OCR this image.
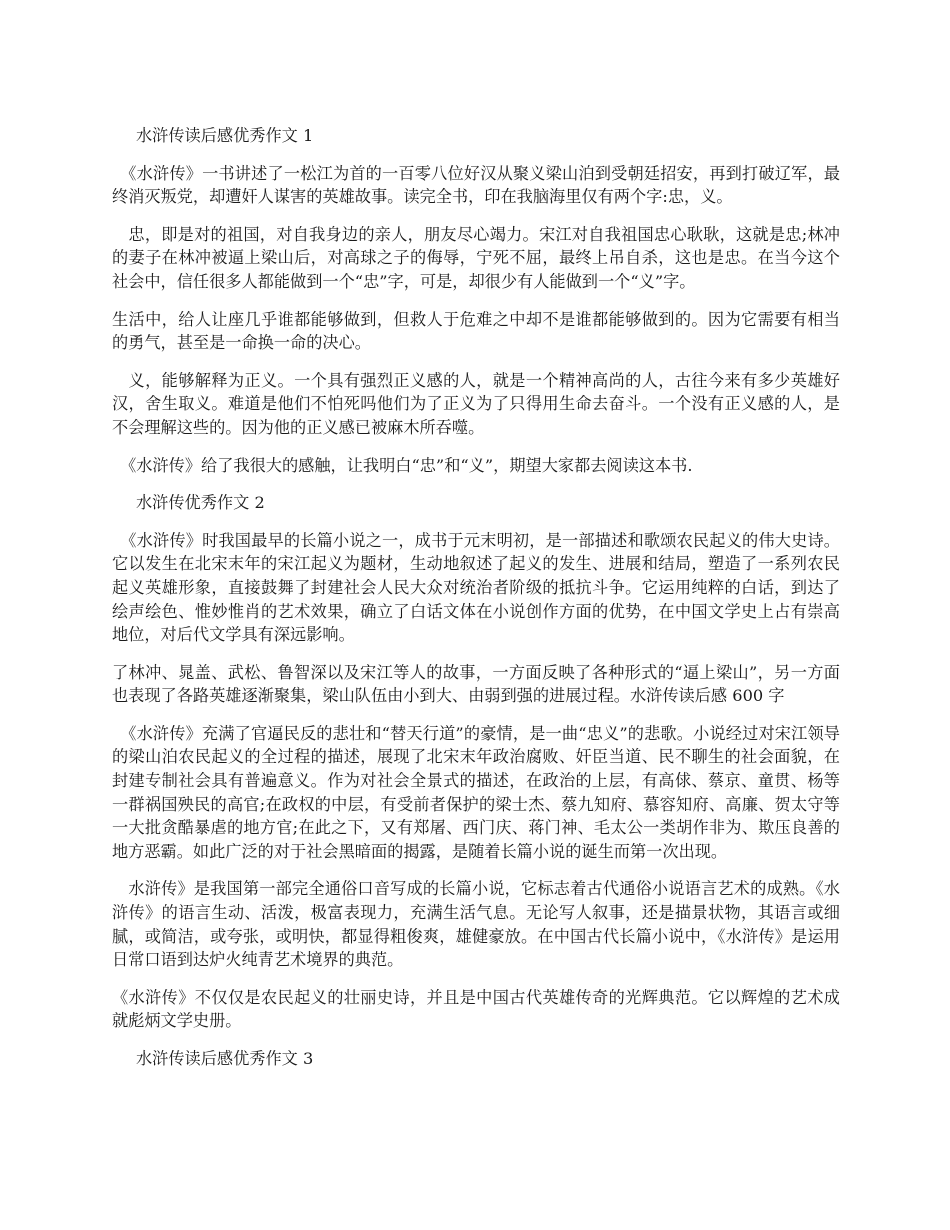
水浒传读后感优秀作文 1

　《水浒传》一书讲述了一松江为首的一百零八位好汉从聚义梁山泊到受朝廷招安，再到打破辽军，最终消灭叛党，却遭奸人谋害的英雄故事。读完全书，印在我脑海里仅有两个字:忠，义。

　忠，即是对的祖国，对自我身边的亲人，朋友尽心竭力。宋江对自我祖国忠心耿耿，这就是忠;林冲的妻子在林冲被逼上梁山后，对高球之子的侮辱，宁死不屈，最终上吊自杀，这也是忠。在当今这个社会中，信任很多人都能做到一个“忠”字，可是，却很少有人能做到一个“义”字。

生活中，给人让座几乎谁都能够做到，但救人于危难之中却不是谁都能够做到的。因为它需要有相当的勇气，甚至是一命换一命的决心。

　义，能够解释为正义。一个具有强烈正义感的人，就是一个精神高尚的人，古往今来有多少英雄好汉，舍生取义。难道是他们不怕死吗他们为了正义为了只得用生命去奋斗。一个没有正义感的人，是不会理解这些的。因为他的正义感已被麻木所吞噬。

　《水浒传》给了我很大的感触，让我明白“忠”和“义”，期望大家都去阅读这本书.

水浒传优秀作文 2

　《水浒传》时我国最早的长篇小说之一，成书于元末明初，是一部描述和歌颂农民起义的伟大史诗。它以发生在北宋末年的宋江起义为题材，生动地叙述了起义的发生、进展和结局，塑造了一系列农民起义英雄形象，直接鼓舞了封建社会人民大众对统治者阶级的抵抗斗争。它运用纯粹的白话，到达了绘声绘色、惟妙惟肖的艺术效果，确立了白话文体在小说创作方面的优势，在中国文学史上占有崇高地位，对后代文学具有深远影响。

了林冲、晁盖、武松、鲁智深以及宋江等人的故事，一方面反映了各种形式的“逼上梁山”，另一方面也表现了各路英雄逐渐聚集，梁山队伍由小到大、由弱到强的进展过程。水浒传读后感 600 字

　《水浒传》充满了官逼民反的悲壮和“替天行道”的豪情，是一曲“忠义”的悲歌。小说经过对宋江领导的梁山泊农民起义的全过程的描述，展现了北宋末年政治腐败、奸臣当道、民不聊生的社会面貌，在封建专制社会具有普遍意义。作为对社会全景式的描述，在政治的上层，有高俅、蔡京、童贯、杨等一群祸国殃民的高官;在政权的中层，有受前者保护的梁士杰、蔡九知府、慕容知府、高廉、贺太守等一大批贪酷暴虐的地方官;在此之下，又有郑屠、西门庆、蒋门神、毛太公一类胡作非为、欺压良善的地方恶霸。如此广泛的对于社会黑暗面的揭露，是随着长篇小说的诞生而第一次出现。

　水浒传》是我国第一部完全通俗口音写成的长篇小说，它标志着古代通俗小说语言艺术的成熟。《水浒传》的语言生动、活泼，极富表现力，充满生活气息。无论写人叙事，还是描景状物，其语言或细腻，或简洁，或夸张，或明快，都显得粗俊爽，雄健豪放。在中国古代长篇小说中，《水浒传》是运用日常口语到达炉火纯青艺术境界的典范。

《水浒传》不仅仅是农民起义的壮丽史诗，并且是中国古代英雄传奇的光辉典范。它以辉煌的艺术成就彪炳文学史册。

水浒传读后感优秀作文 3
